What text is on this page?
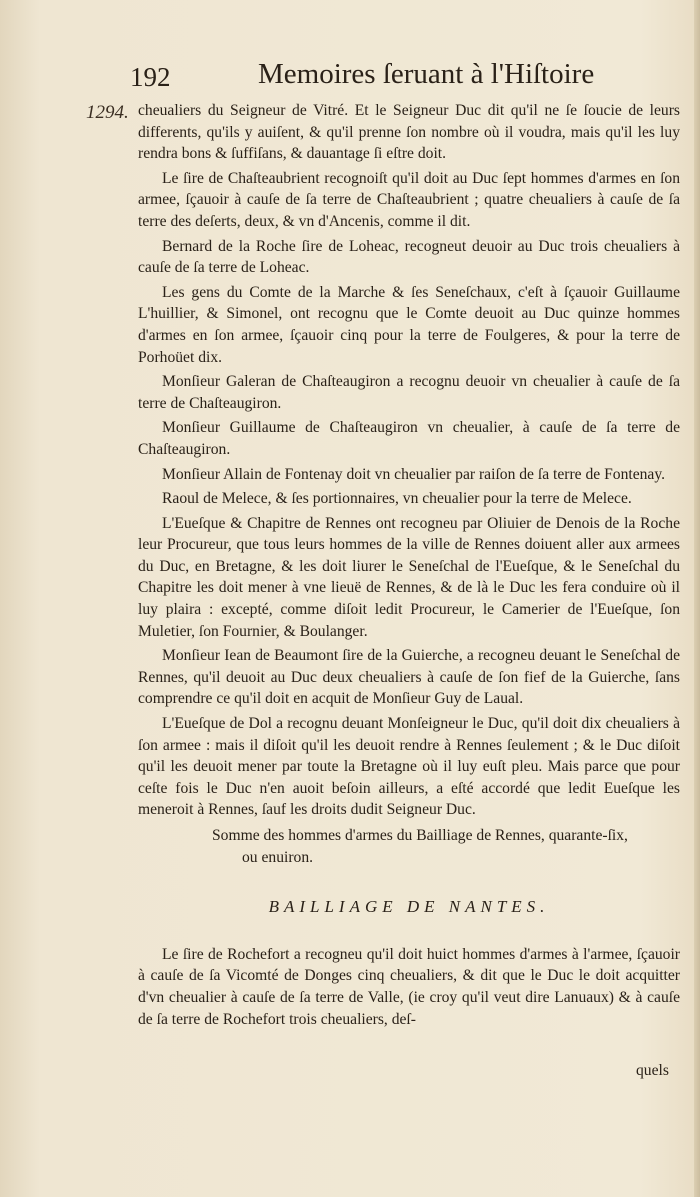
192	Memoires ſeruant à l'Hiſtoire
1294. cheualiers du Seigneur de Vitré. Et le Seigneur Duc dit qu'il ne ſe ſoucie de leurs differents, qu'ils y auiſent, & qu'il prenne ſon nombre où il voudra, mais qu'il les luy rendra bons & ſuffiſans, & dauantage ſi eſtre doit.

Le ſire de Chaſteaubrient recognoiſt qu'il doit au Duc ſept hommes d'armes en ſon armee, ſçauoir à cauſe de ſa terre de Chaſteaubrient ; quatre cheualiers à cauſe de ſa terre des deſerts, deux, & vn d'Ancenis, comme il dit.

Bernard de la Roche ſire de Loheac, recogneut deuoir au Duc trois cheualiers à cauſe de ſa terre de Loheac.

Les gens du Comte de la Marche & ſes Seneſchaux, c'eſt à ſçauoir Guillaume L'huillier, & Simonel, ont recognu que le Comte deuoit au Duc quinze hommes d'armes en ſon armee, ſçauoir cinq pour la terre de Foulgeres, & pour la terre de Porhoüet dix.

Monſieur Galeran de Chaſteaugiron a recognu deuoir vn cheualier à cauſe de ſa terre de Chaſteaugiron.

Monſieur Guillaume de Chaſteaugiron vn cheualier, à cauſe de ſa terre de Chaſteaugiron.

Monſieur Allain de Fontenay doit vn cheualier par raiſon de ſa terre de Fontenay.

Raoul de Melece, & ſes portionnaires, vn cheualier pour la terre de Melece.

L'Eueſque & Chapitre de Rennes ont recogneu par Oliuier de Denois de la Roche leur Procureur, que tous leurs hommes de la ville de Rennes doiuent aller aux armees du Duc, en Bretagne, & les doit liurer le Seneſchal de l'Eueſque, & le Seneſchal du Chapitre les doit mener à vne lieuë de Rennes, & de là le Duc les fera conduire où il luy plaira : excepté, comme diſoit ledit Procureur, le Camerier de l'Eueſque, ſon Muletier, ſon Fournier, & Boulanger.

Monſieur Iean de Beaumont ſire de la Guierche, a recogneu deuant le Seneſchal de Rennes, qu'il deuoit au Duc deux cheualiers à cauſe de ſon fief de la Guierche, ſans comprendre ce qu'il doit en acquit de Monſieur Guy de Laual.

L'Eueſque de Dol a recognu deuant Monſeigneur le Duc, qu'il doit dix cheualiers à ſon armee : mais il diſoit qu'il les deuoit rendre à Rennes ſeulement ; & le Duc diſoit qu'il les deuoit mener par toute la Bretagne où il luy euſt pleu. Mais parce que pour ceſte fois le Duc n'en auoit beſoin ailleurs, a eſté accordé que ledit Eueſque les meneroit à Rennes, ſauf les droits dudit Seigneur Duc.

Somme des hommes d'armes du Bailliage de Rennes, quarante-ſix,
ou enuiron.

BAILLIAGE DE NANTES.

Le ſire de Rochefort a recogneu qu'il doit huict hommes d'armes à l'armee, ſçauoir à cauſe de ſa Vicomté de Donges cinq cheualiers, & dit que le Duc le doit acquitter d'vn cheualier à cauſe de ſa terre de Valle, (ie croy qu'il veut dire Lanuaux) & à cauſe de ſa terre de Rochefort trois cheualiers, deſ-

quels
